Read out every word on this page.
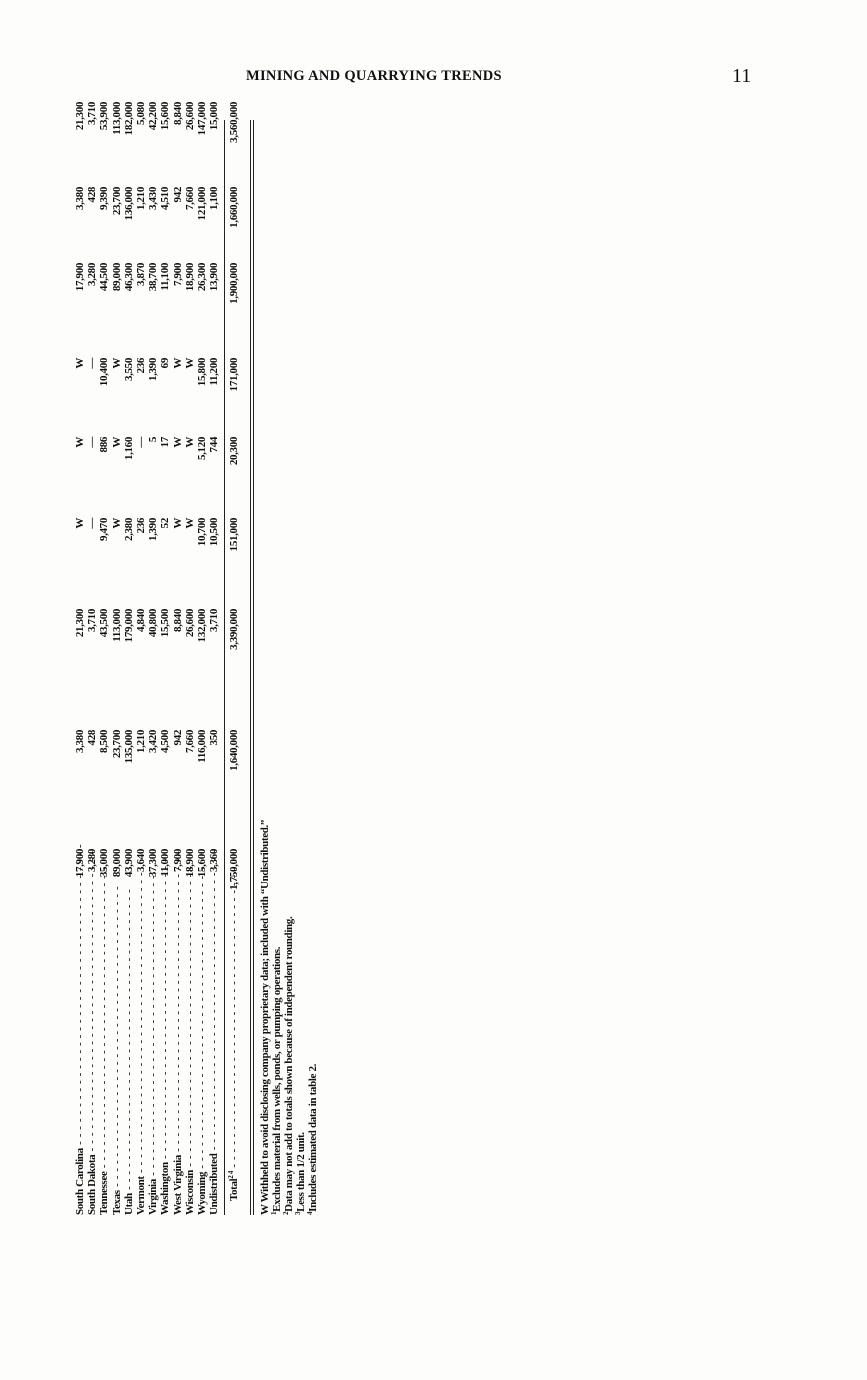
MINING AND QUARRYING TRENDS	11
South Carolina - - -
17,900
3,380
21,300
W
W
W
17,900
3,380
21,300
South Dakota - - -
3,280
428
3,710
—
—
—
3,280
428
3,710
Tennessee - - -
35,000
8,500
43,500
9,470
886
10,400
44,500
9,390
53,900
Texas - - -
89,000
23,700
113,000
W
W
W
89,000
23,700
113,000
Utah - - -
43,900
135,000
179,000
2,380
1,160
3,550
46,300
136,000
182,000
Vermont - - -
3,640
1,210
4,840
236
—
236
3,870
1,210
5,080
Virginia - - -
37,300
3,420
40,800
1,390
5
1,390
38,700
3,430
42,200
Washington - - -
11,000
4,500
15,500
52
17
69
11,100
4,510
15,600
West Virginia - - -
7,900
942
8,840
W
W
W
7,900
942
8,840
Wisconsin - - -
18,900
7,660
26,600
W
W
W
18,900
7,660
26,600
Wyoming - - -
15,600
116,000
132,000
10,700
5,120
15,800
26,300
121,000
147,000
Undistributed - - -
3,360
350
3,710
10,500
744
11,200
13,900
1,100
15,000
Total$^{2 4}$ - - -
1,750,000
1,640,000
3,390,000
151,000
20,300
171,000
1,900,000
1,660,000
3,560,000
W Withheld to avoid disclosing company proprietary data; included with “Undistributed.” $^1$Excludes material from wells, ponds, or pumping operations.
$^2$Data may not add to totals shown because of independent rounding.
$^3$Less than 1/2 unit.
$^4$Includes estimated data in table 2.
